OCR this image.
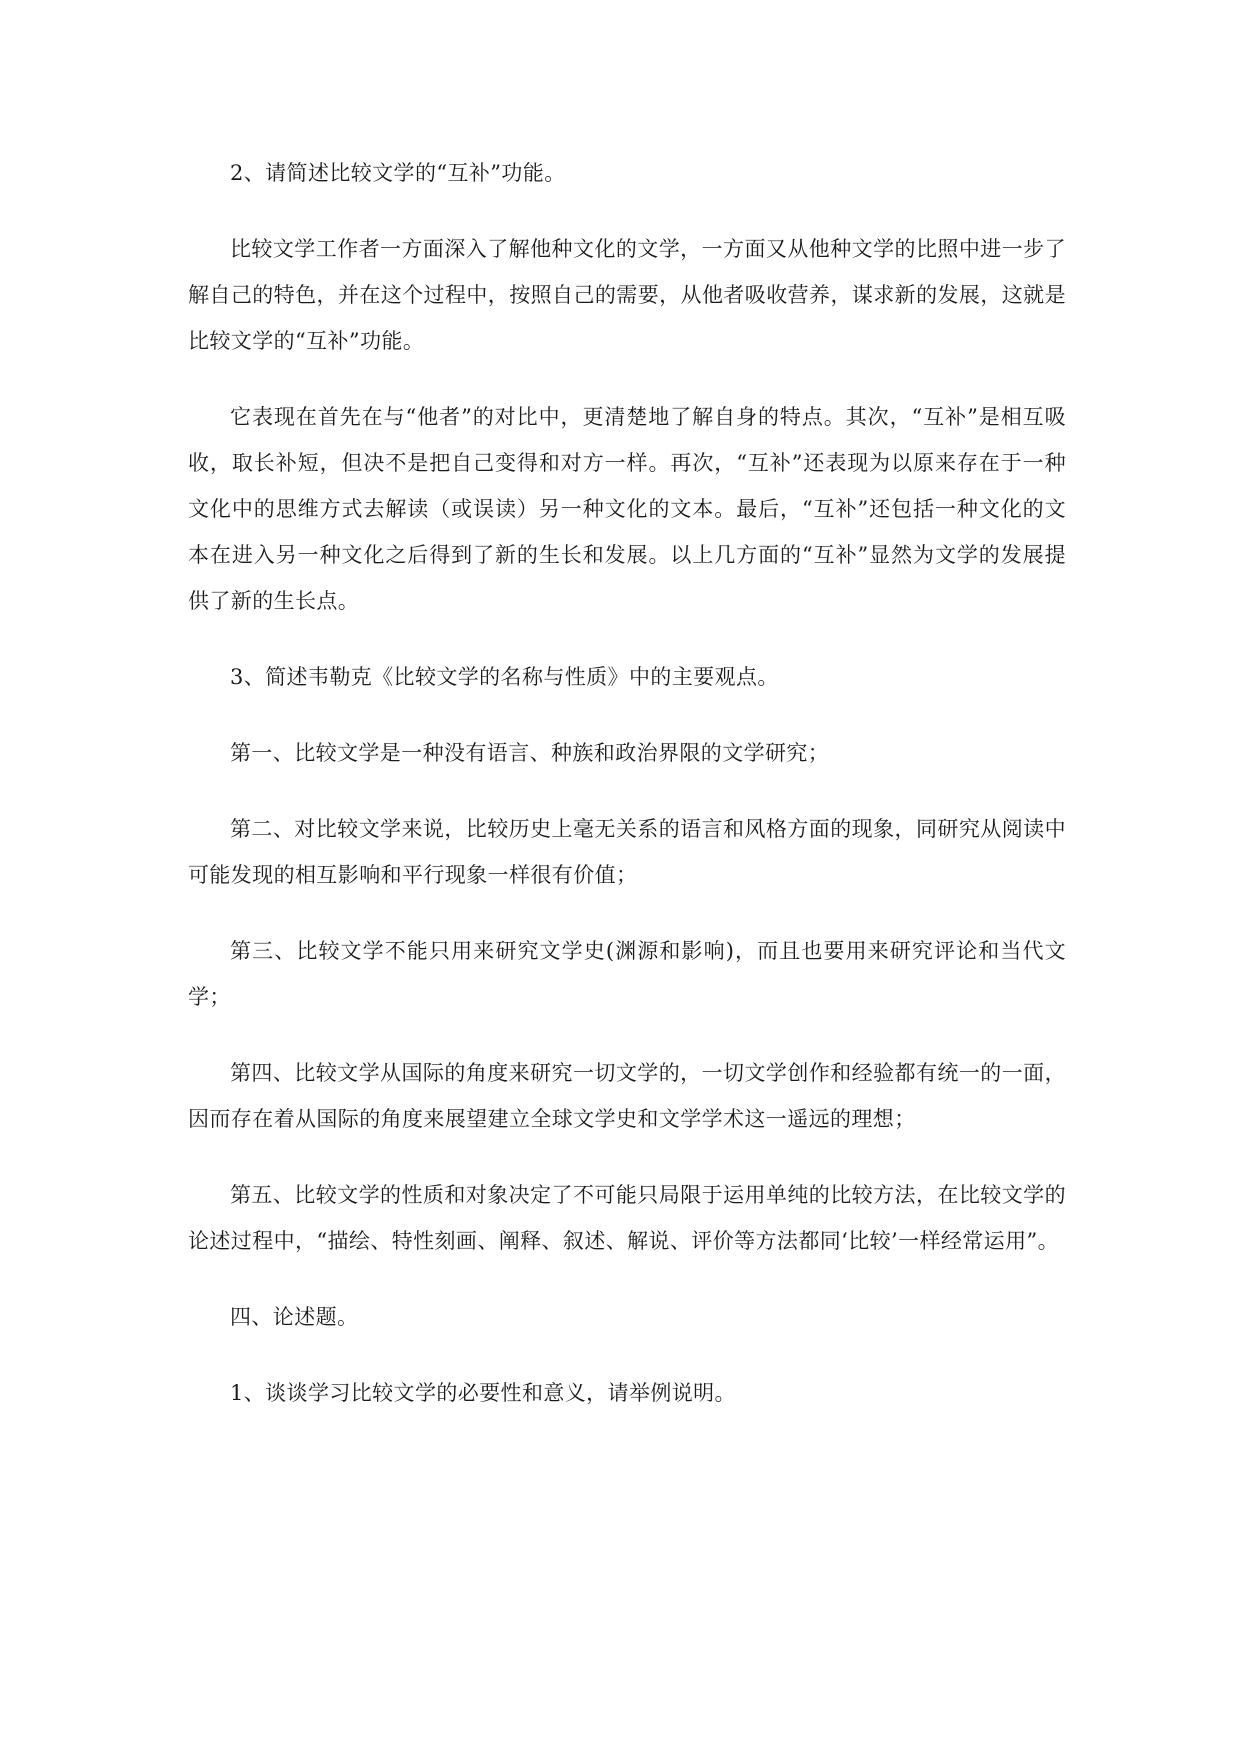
2、请简述比较文学的“互补”功能。

比较文学工作者一方面深入了解他种文化的文学，一方面又从他种文学的比照中进一步了解自己的特色，并在这个过程中，按照自己的需要，从他者吸收营养，谋求新的发展，这就是比较文学的“互补”功能。

它表现在首先在与“他者”的对比中，更清楚地了解自身的特点。其次，“互补”是相互吸收，取长补短，但决不是把自己变得和对方一样。再次，“互补”还表现为以原来存在于一种文化中的思维方式去解读（或误读）另一种文化的文本。最后，“互补”还包括一种文化的文本在进入另一种文化之后得到了新的生长和发展。以上几方面的“互补”显然为文学的发展提供了新的生长点。

3、简述韦勒克《比较文学的名称与性质》中的主要观点。

第一、比较文学是一种没有语言、种族和政治界限的文学研究；

第二、对比较文学来说，比较历史上毫无关系的语言和风格方面的现象，同研究从阅读中可能发现的相互影响和平行现象一样很有价值；

第三、比较文学不能只用来研究文学史(渊源和影响)，而且也要用来研究评论和当代文学；

第四、比较文学从国际的角度来研究一切文学的，一切文学创作和经验都有统一的一面，因而存在着从国际的角度来展望建立全球文学史和文学学术这一遥远的理想；

第五、比较文学的性质和对象决定了不可能只局限于运用单纯的比较方法，在比较文学的论述过程中，“描绘、特性刻画、阐释、叙述、解说、评价等方法都同‘比较’一样经常运用”。

四、论述题。

1、谈谈学习比较文学的必要性和意义，请举例说明。
